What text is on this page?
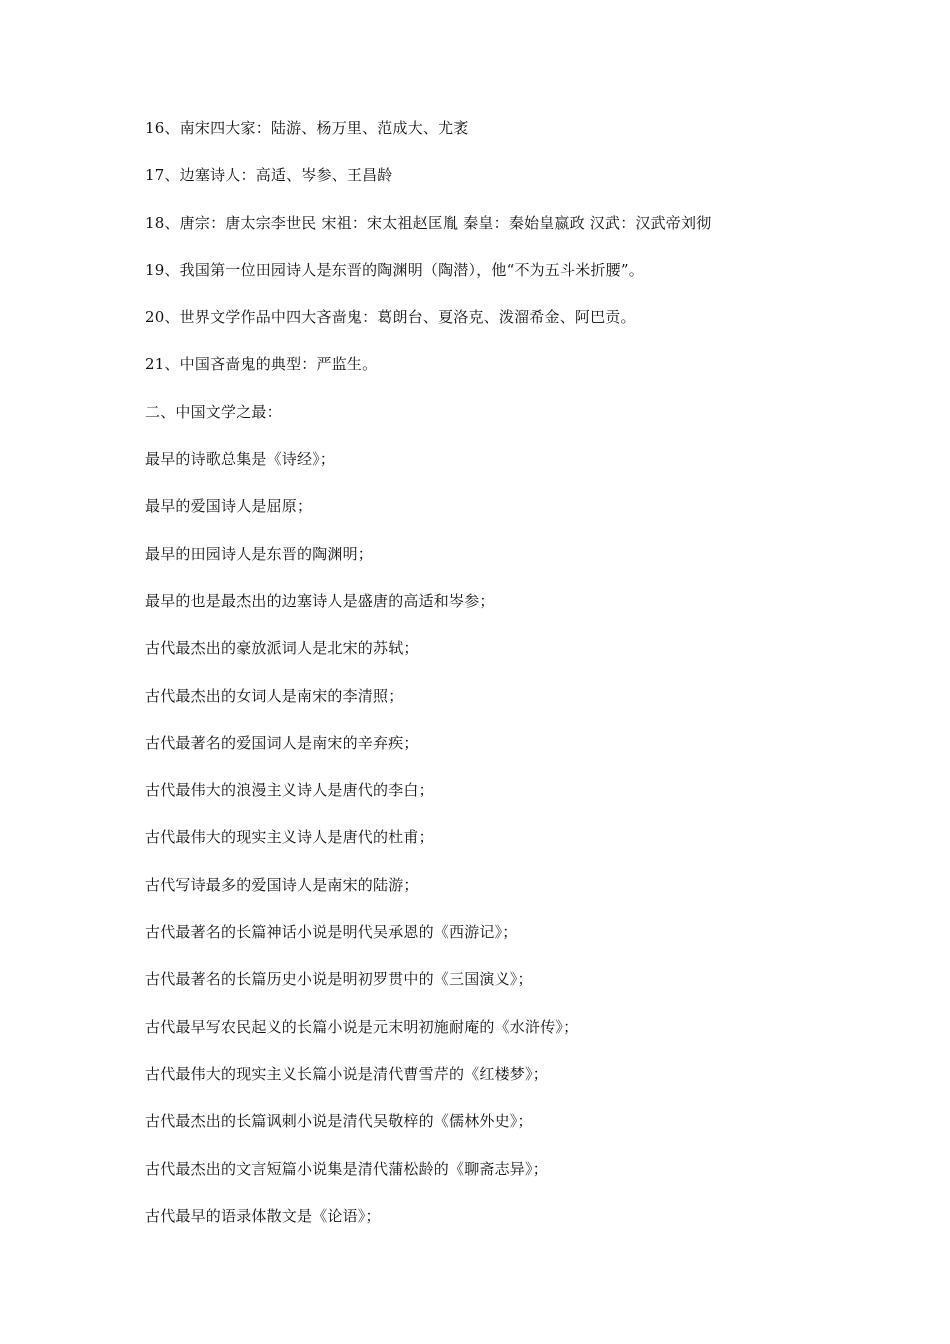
16、南宋四大家：陆游、杨万里、范成大、尤袤
17、边塞诗人：高适、岑参、王昌龄
18、唐宗：唐太宗李世民 宋祖：宋太祖赵匡胤 秦皇：秦始皇嬴政 汉武：汉武帝刘彻
19、我国第一位田园诗人是东晋的陶渊明（陶潜），他“不为五斗米折腰”。
20、世界文学作品中四大吝啬鬼：葛朗台、夏洛克、泼溜希金、阿巴贡。
21、中国吝啬鬼的典型：严监生。
二、中国文学之最：
最早的诗歌总集是《诗经》；
最早的爱国诗人是屈原；
最早的田园诗人是东晋的陶渊明；
最早的也是最杰出的边塞诗人是盛唐的高适和岑参；
古代最杰出的豪放派词人是北宋的苏轼；
古代最杰出的女词人是南宋的李清照；
古代最著名的爱国词人是南宋的辛弃疾；
古代最伟大的浪漫主义诗人是唐代的李白；
古代最伟大的现实主义诗人是唐代的杜甫；
古代写诗最多的爱国诗人是南宋的陆游；
古代最著名的长篇神话小说是明代吴承恩的《西游记》；
古代最著名的长篇历史小说是明初罗贯中的《三国演义》；
古代最早写农民起义的长篇小说是元末明初施耐庵的《水浒传》；
古代最伟大的现实主义长篇小说是清代曹雪芹的《红楼梦》；
古代最杰出的长篇讽刺小说是清代吴敬梓的《儒林外史》；
古代最杰出的文言短篇小说集是清代蒲松龄的《聊斋志异》；
古代最早的语录体散文是《论语》；
